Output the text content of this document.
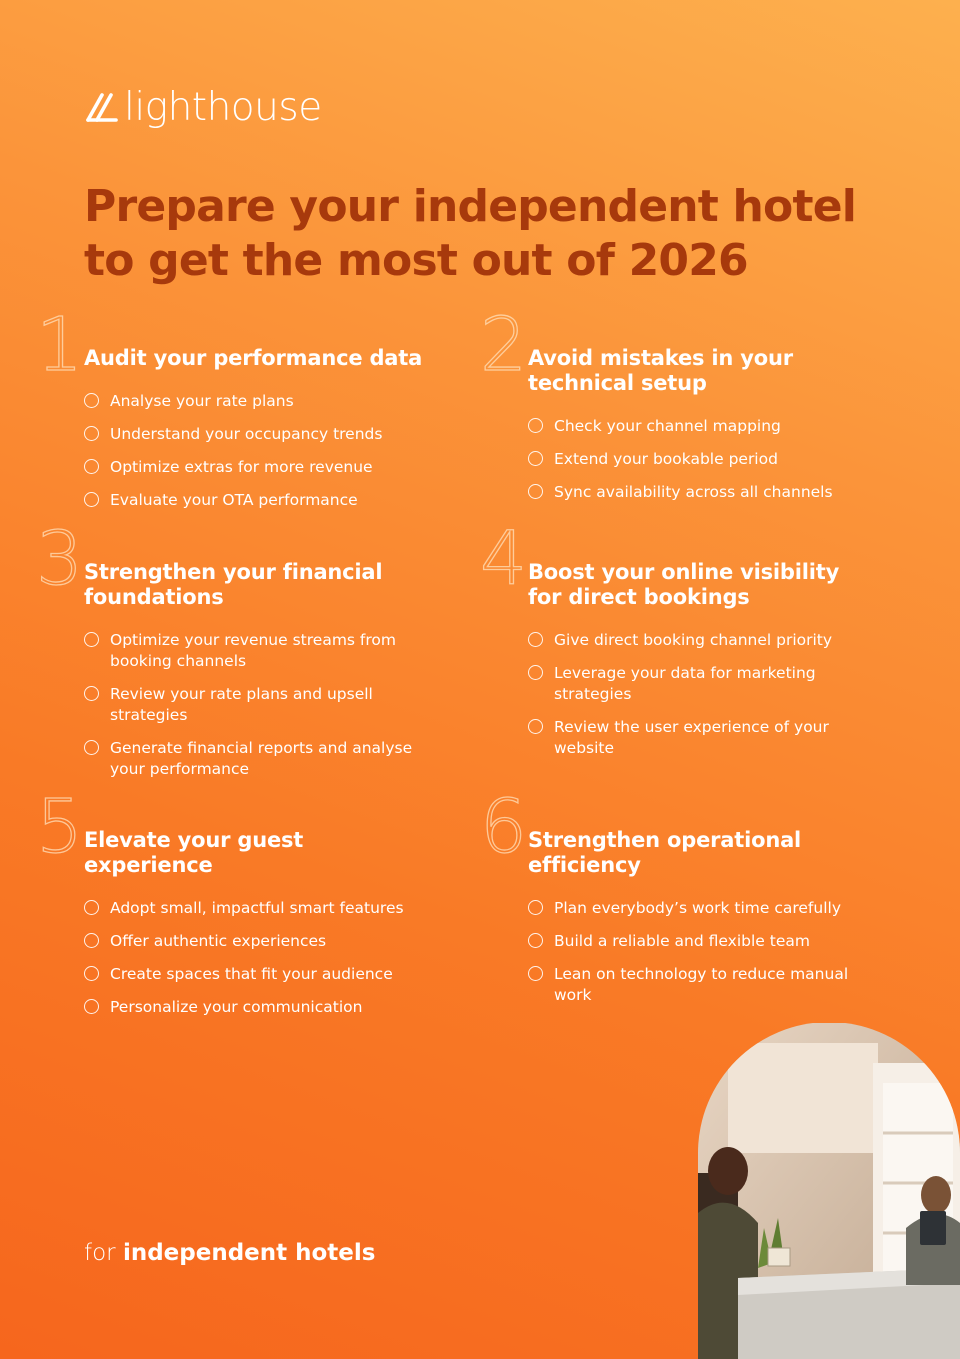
lighthouse
Prepare your independent hotel
to get the most out of 2026
1 Audit your performance data
Analyse your rate plans
Understand your occupancy trends
Optimize extras for more revenue
Evaluate your OTA performance
2 Avoid mistakes in your technical setup
Check your channel mapping
Extend your bookable period
Sync availability across all channels
3 Strengthen your financial foundations
Optimize your revenue streams from booking channels
Review your rate plans and upsell strategies
Generate financial reports and analyse your performance
4 Boost your online visibility for direct bookings
Give direct booking channel priority
Leverage your data for marketing strategies
Review the user experience of your website
5 Elevate your guest experience
Adopt small, impactful smart features
Offer authentic experiences
Create spaces that fit your audience
Personalize your communication
6 Strengthen operational efficiency
Plan everybody’s work time carefully
Build a reliable and flexible team
Lean on technology to reduce manual work
for independent hotels
